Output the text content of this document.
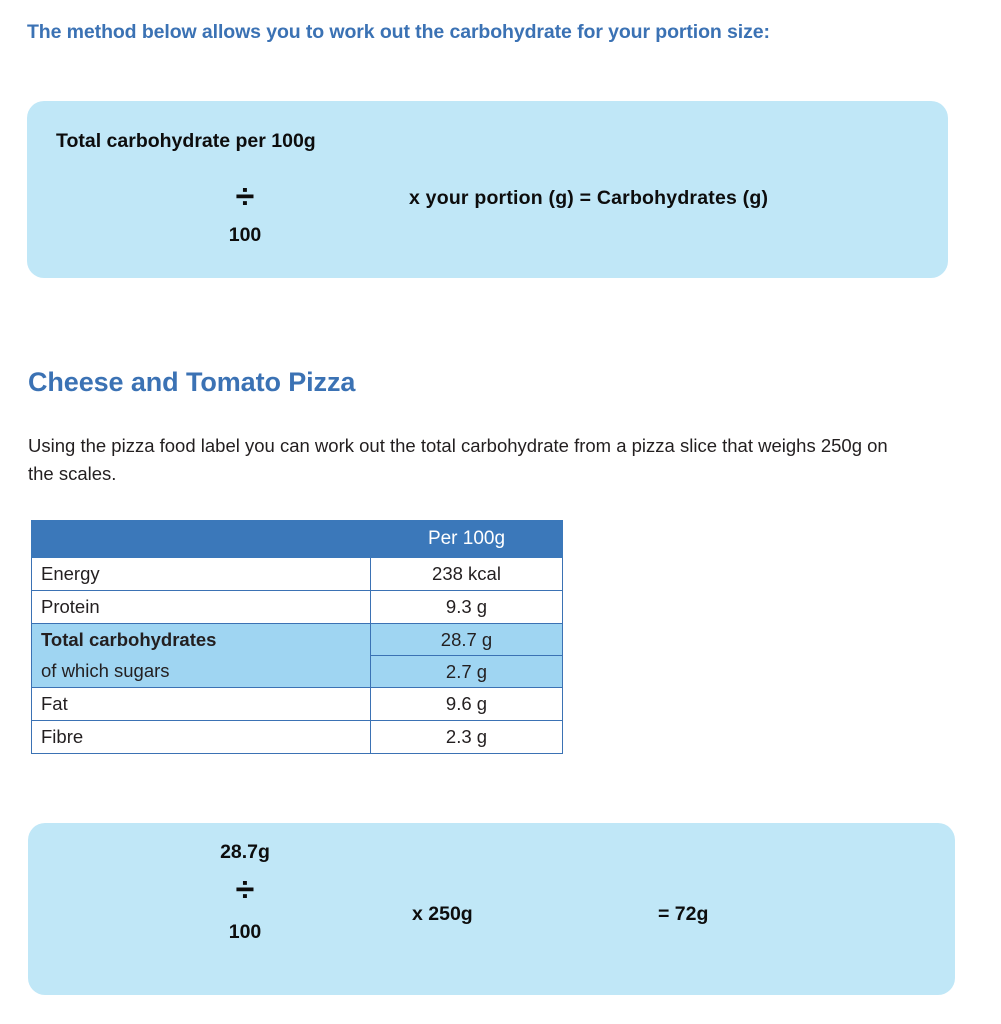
The method below allows you to work out the carbohydrate for your portion size:
Total carbohydrate per 100g
÷
100
x your portion (g) = Carbohydrates (g)
Cheese and Tomato Pizza
Using the pizza food label you can work out the total carbohydrate from a pizza slice that weighs 250g on the scales.
	Per 100g
Energy	238 kcal
Protein	9.3 g
Total carbohydrates	28.7 g
of which sugars	2.7 g
Fat	9.6 g
Fibre	2.3 g
28.7g
÷
100
x 250g	= 72g
